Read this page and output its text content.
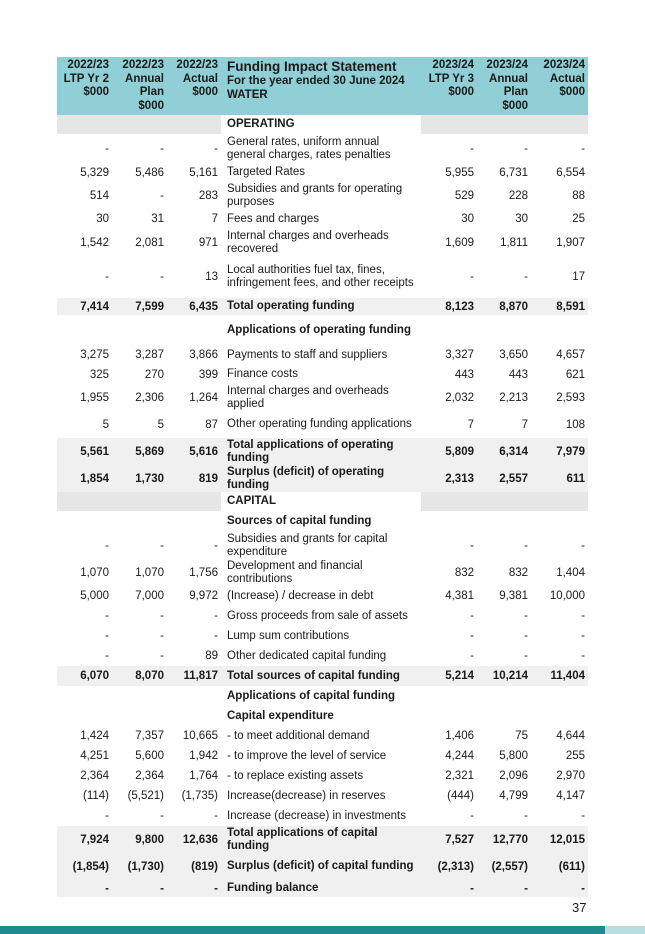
2022/23 LTP Yr 2 $000	2022/23 Annual Plan $000	2022/23 Actual $000	Funding Impact Statement
For the year ended 30 June 2024
WATER	2023/24 LTP Yr 3 $000	2023/24 Annual Plan $000	2023/24 Actual $000
			OPERATING			
-	-	-	General rates, uniform annual general charges, rates penalties	-	-	-
5,329	5,486	5,161	Targeted Rates	5,955	6,731	6,554
514	-	283	Subsidies and grants for operating purposes	529	228	88
30	31	7	Fees and charges	30	30	25
1,542	2,081	971	Internal charges and overheads recovered	1,609	1,811	1,907
-	-	13	Local authorities fuel tax, fines, infringement fees, and other receipts	-	-	17
7,414	7,599	6,435	Total operating funding	8,123	8,870	8,591
			Applications of operating funding			
3,275	3,287	3,866	Payments to staff and suppliers	3,327	3,650	4,657
325	270	399	Finance costs	443	443	621
1,955	2,306	1,264	Internal charges and overheads applied	2,032	2,213	2,593
5	5	87	Other operating funding applications	7	7	108
5,561	5,869	5,616	Total applications of operating funding	5,809	6,314	7,979
1,854	1,730	819	Surplus (deficit) of operating funding	2,313	2,557	611
			CAPITAL			
			Sources of capital funding			
-	-	-	Subsidies and grants for capital expenditure	-	-	-
1,070	1,070	1,756	Development and financial contributions	832	832	1,404
5,000	7,000	9,972	(Increase) / decrease in debt	4,381	9,381	10,000
-	-	-	Gross proceeds from sale of assets	-	-	-
-	-	-	Lump sum contributions	-	-	-
-	-	89	Other dedicated capital funding	-	-	-
6,070	8,070	11,817	Total sources of capital funding	5,214	10,214	11,404
			Applications of capital funding			
			Capital expenditure			
1,424	7,357	10,665	- to meet additional demand	1,406	75	4,644
4,251	5,600	1,942	- to improve the level of service	4,244	5,800	255
2,364	2,364	1,764	- to replace existing assets	2,321	2,096	2,970
(114)	(5,521)	(1,735)	Increase(decrease) in reserves	(444)	4,799	4,147
-	-	-	Increase (decrease) in investments	-	-	-
7,924	9,800	12,636	Total applications of capital funding	7,527	12,770	12,015
(1,854)	(1,730)	(819)	Surplus (deficit) of capital funding	(2,313)	(2,557)	(611)
-	-	-	Funding balance	-	-	-
37
